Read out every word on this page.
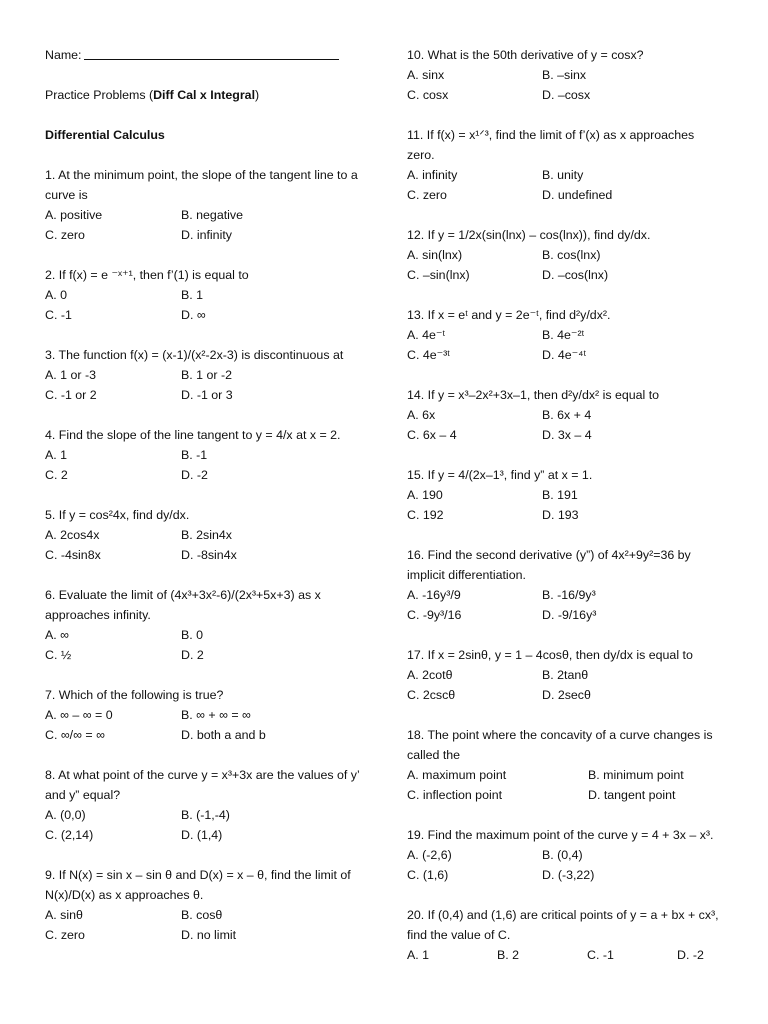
Name:
Practice Problems (Diff Cal x Integral)
Differential Calculus
1. At the minimum point, the slope of the tangent line to a curve is
A. positive	B. negative
C. zero	D. infinity
2. If f(x) = e ⁻ˣ⁺¹, then f’(1) is equal to
A. 0	B. 1
C. -1	D. ∞
3. The function f(x) = (x-1)/(x²-2x-3) is discontinuous at
A. 1 or -3	B. 1 or -2
C. -1 or 2	D. -1 or 3
4. Find the slope of the line tangent to y = 4/x at x = 2.
A. 1	B. -1
C. 2	D. -2
5. If y = cos²4x, find dy/dx.
A. 2cos4x	B. 2sin4x
C. -4sin8x	D. -8sin4x
6. Evaluate the limit of (4x³+3x²-6)/(2x³+5x+3) as x approaches infinity.
A. ∞	B. 0
C. ½	D. 2
7. Which of the following is true?
A. ∞ – ∞ = 0	B. ∞ + ∞ = ∞
C. ∞/∞ = ∞	D. both a and b
8. At what point of the curve y = x³+3x are the values of y’ and y” equal?
A. (0,0)	B. (-1,-4)
C. (2,14)	D. (1,4)
9. If N(x) = sin x – sin θ and D(x) = x – θ, find the limit of N(x)/D(x) as x approaches θ.
A. sinθ	B. cosθ
C. zero	D. no limit
10. What is the 50th derivative of y = cosx?
A. sinx	B. –sinx
C. cosx	D. –cosx
11. If f(x) = x¹ᐟ³, find the limit of f’(x) as x approaches zero.
A. infinity	B. unity
C. zero	D. undefined
12. If y = 1/2x(sin(lnx) – cos(lnx)), find dy/dx.
A. sin(lnx)	B. cos(lnx)
C. –sin(lnx)	D. –cos(lnx)
13. If x = eᵗ and y = 2e⁻ᵗ, find d²y/dx².
A. 4e⁻ᵗ	B. 4e⁻²ᵗ
C. 4e⁻³ᵗ	D. 4e⁻⁴ᵗ
14. If y = x³–2x²+3x–1, then d²y/dx² is equal to
A. 6x	B. 6x + 4
C. 6x – 4	D. 3x – 4
15. If y = 4/(2x–1³, find y” at x = 1.
A. 190	B. 191
C. 192	D. 193
16. Find the second derivative (y”) of 4x²+9y²=36 by implicit differentiation.
A. -16y³/9	B. -16/9y³
C. -9y³/16	D. -9/16y³
17. If x = 2sinθ, y = 1 – 4cosθ, then dy/dx is equal to
A. 2cotθ	B. 2tanθ
C. 2cscθ	D. 2secθ
18. The point where the concavity of a curve changes is called the
A. maximum point	B. minimum point
C. inflection point	D. tangent point
19. Find the maximum point of the curve y = 4 + 3x – x³.
A. (-2,6)	B. (0,4)
C. (1,6)	D. (-3,22)
20. If (0,4) and (1,6) are critical points of y = a + bx + cx³, find the value of C.
A. 1	B. 2	C. -1	D. -2
